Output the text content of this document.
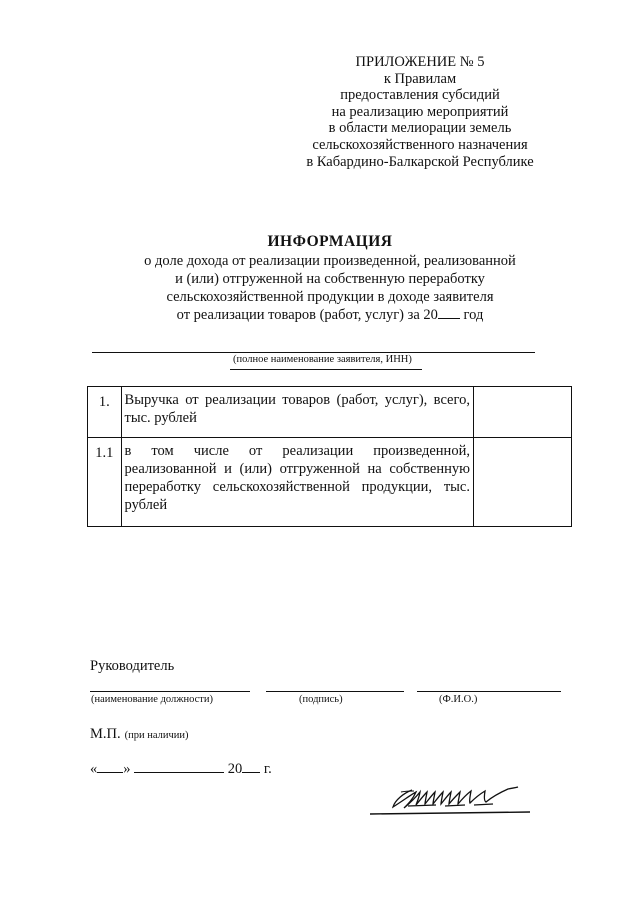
ПРИЛОЖЕНИЕ № 5
к Правилам
предоставления субсидий
на реализацию мероприятий
в области мелиорации земель
сельскохозяйственного назначения
в Кабардино-Балкарской Республике
ИНФОРМАЦИЯ
о доле дохода от реализации произведенной, реализованной
и (или) отгруженной на собственную переработку
сельскохозяйственной продукции в доходе заявителя
от реализации товаров (работ, услуг) за 20 год
(полное наименование заявителя, ИНН)
1.	Выручка от реализации товаров (работ, услуг), всего, тыс. рублей	
1.1	в том числе от реализации произведенной, реализованной и (или) отгруженной на собственную переработку сельскохозяйственной продукции, тыс. рублей	
Руководитель
(наименование должности)	(подпись)	(Ф.И.О.)
М.П. (при наличии)
« »	20 г.
